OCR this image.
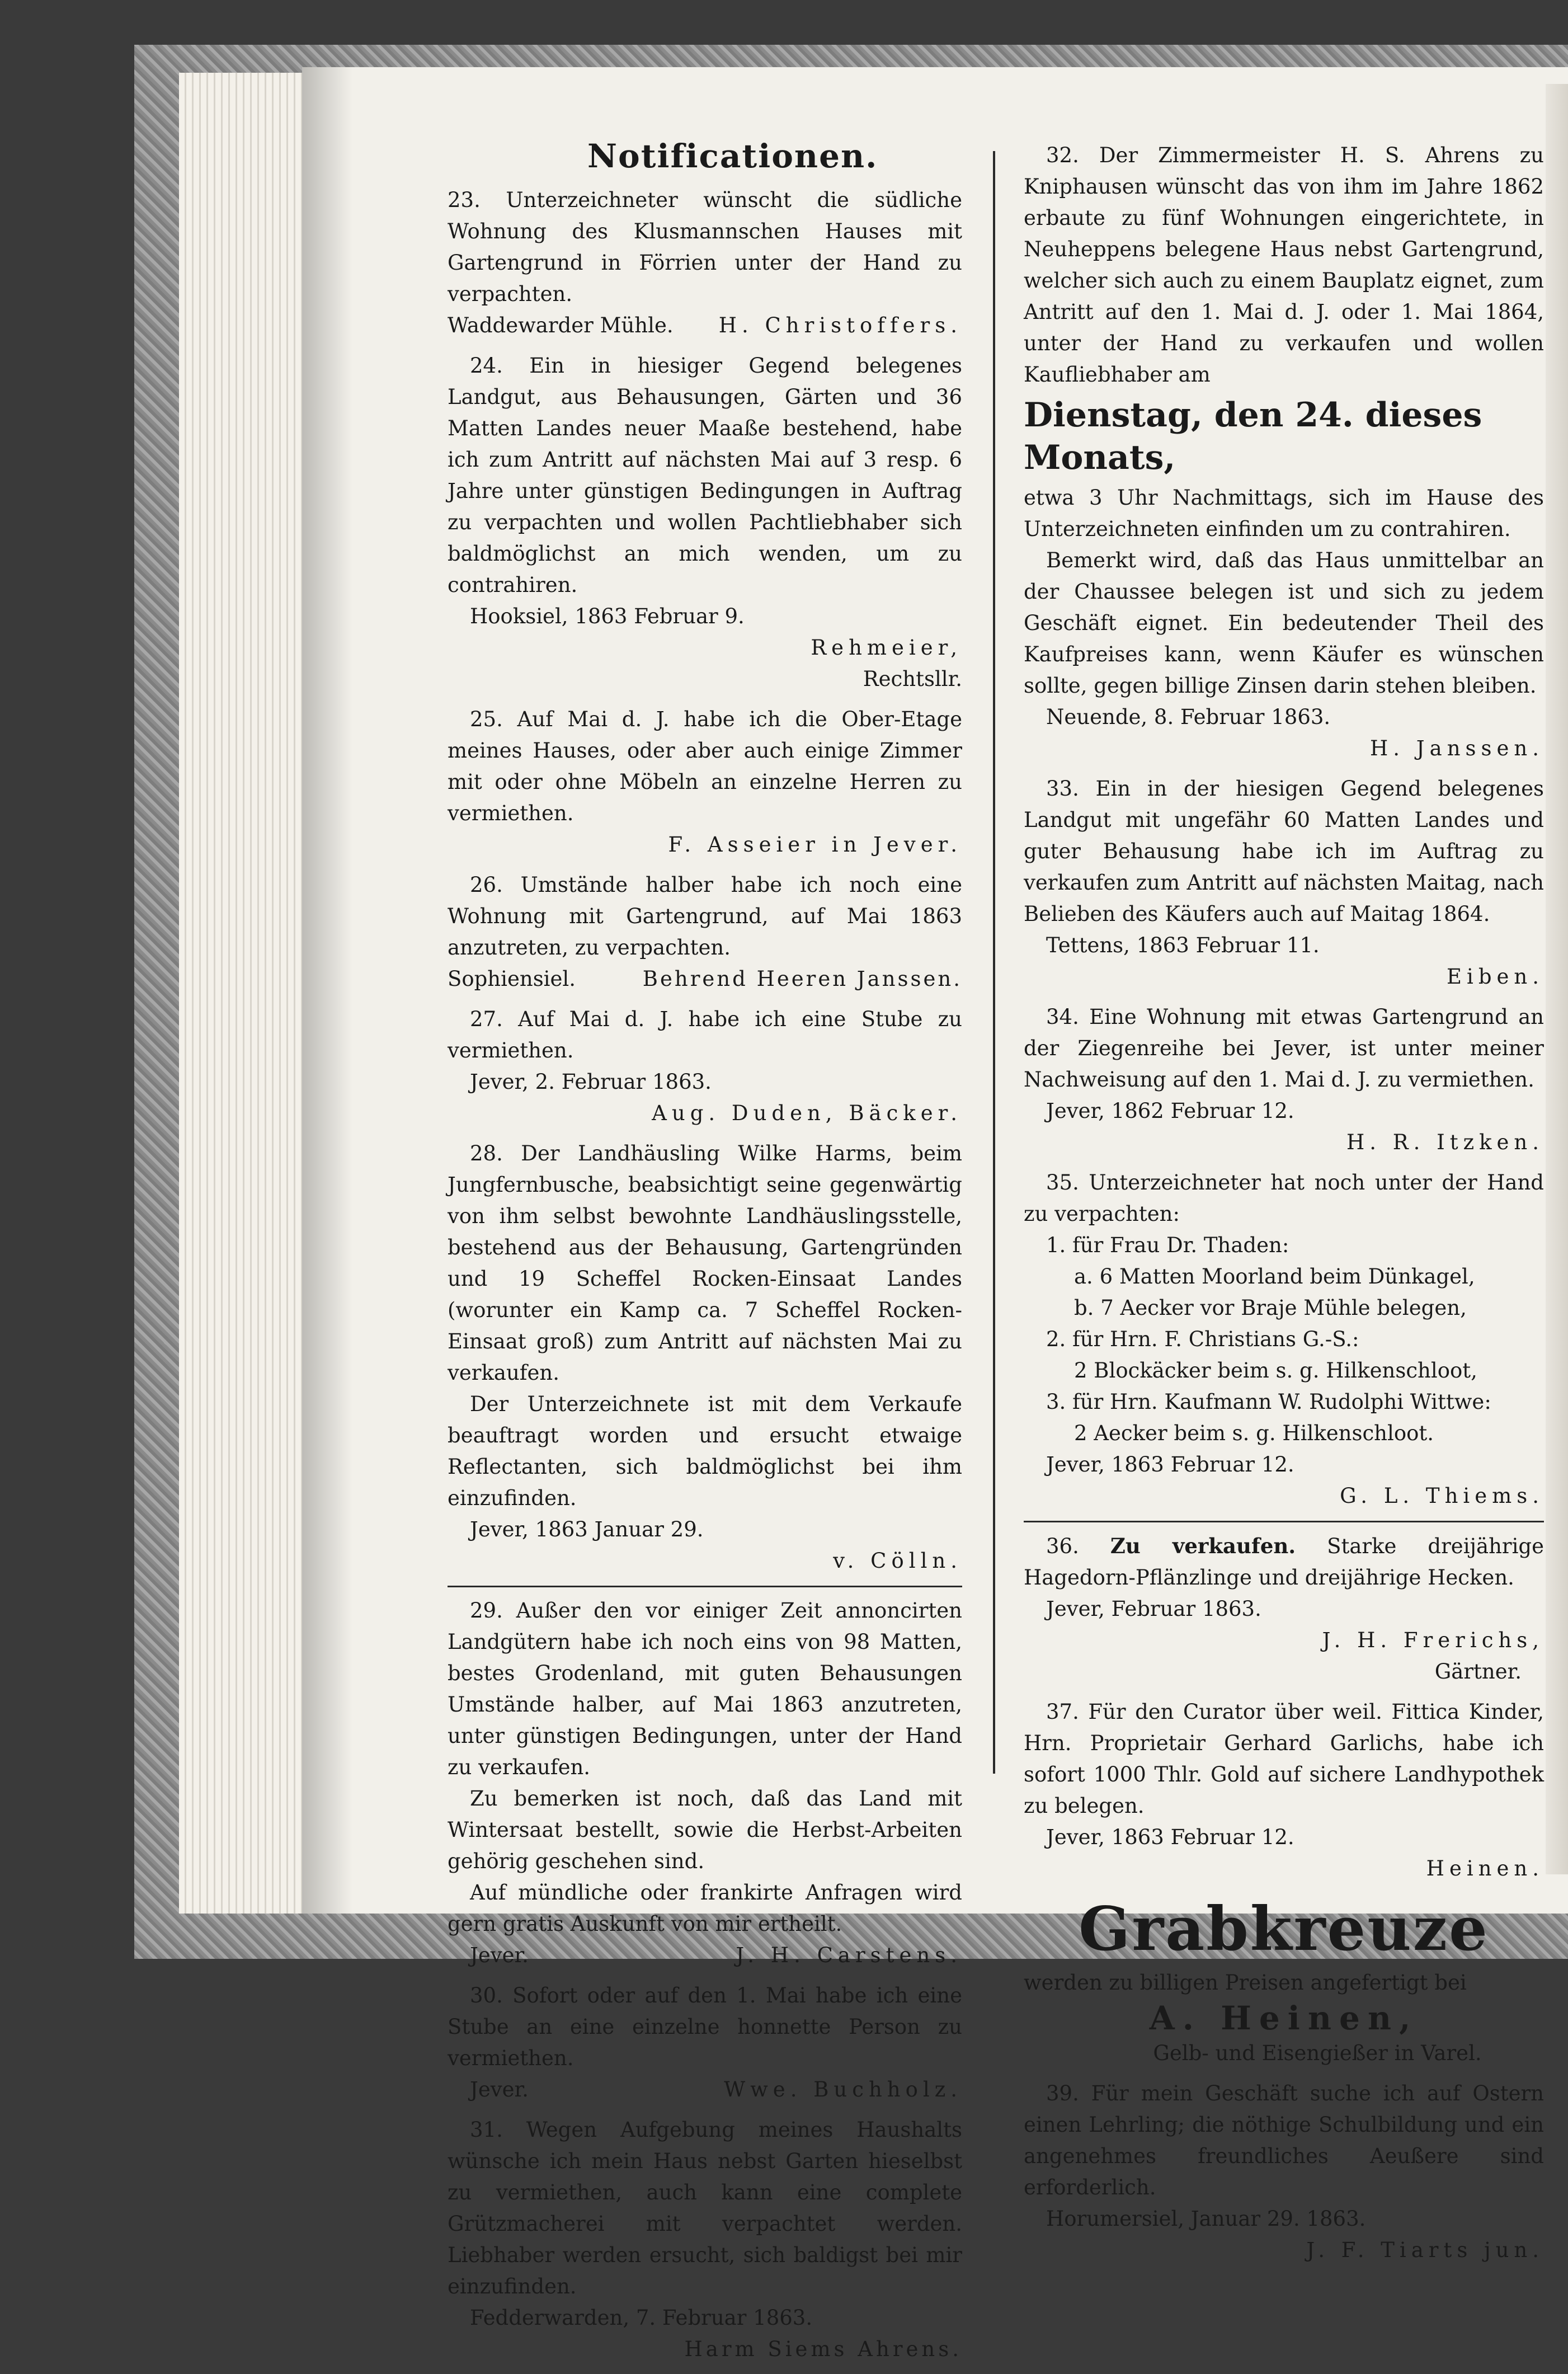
Notificationen.

23. Unterzeichneter wünscht die südliche Wohnung des Klusmannschen Hauses mit Gartengrund in Förrien unter der Hand zu verpachten.

Waddewarder Mühle. H. Christoffers.

24. Ein in hiesiger Gegend belegenes Landgut, aus Behausungen, Gärten und 36 Matten Landes neuer Maaße bestehend, habe ich zum Antritt auf nächsten Mai auf 3 resp. 6 Jahre unter günstigen Bedingungen in Auftrag zu verpachten und wollen Pachtliebhaber sich baldmöglichst an mich wenden, um zu contrahiren.

Hooksiel, 1863 Februar 9.

Rehmeier,

Rechtsllr.

25. Auf Mai d. J. habe ich die Ober-Etage meines Hauses, oder aber auch einige Zimmer mit oder ohne Möbeln an einzelne Herren zu vermiethen.

F. Asseier in Jever.

26. Umstände halber habe ich noch eine Wohnung mit Gartengrund, auf Mai 1863 anzutreten, zu verpachten.

Sophiensiel.	Behrend Heeren Janssen.

27. Auf Mai d. J. habe ich eine Stube zu vermiethen.

Jever, 2. Februar 1863.

Aug. Duden, Bäcker.

28. Der Landhäusling Wilke Harms, beim Jungfernbusche, beabsichtigt seine gegenwärtig von ihm selbst bewohnte Landhäuslingsstelle, bestehend aus der Behausung, Gartengründen und 19 Scheffel Rocken-Einsaat Landes (worunter ein Kamp ca. 7 Scheffel Rocken-Einsaat groß) zum Antritt auf nächsten Mai zu verkaufen.

Der Unterzeichnete ist mit dem Verkaufe beauftragt worden und ersucht etwaige Reflectanten, sich baldmöglichst bei ihm einzufinden.

Jever, 1863 Januar 29.

v. Cölln.

29. Außer den vor einiger Zeit annoncirten Landgütern habe ich noch eins von 98 Matten, bestes Grodenland, mit guten Behausungen Umstände halber, auf Mai 1863 anzutreten, unter günstigen Bedingungen, unter der Hand zu verkaufen.

Zu bemerken ist noch, daß das Land mit Wintersaat bestellt, sowie die Herbst-Arbeiten gehörig geschehen sind.

Auf mündliche oder frankirte Anfragen wird gern gratis Auskunft von mir ertheilt.

Jever.	J. H. Carstens.

30. Sofort oder auf den 1. Mai habe ich eine Stube an eine einzelne honnette Person zu vermiethen.

Jever.	Wwe. Buchholz.

31. Wegen Aufgebung meines Haushalts wünsche ich mein Haus nebst Garten hieselbst zu vermiethen, auch kann eine complete Grützmacherei mit verpachtet werden. Liebhaber werden ersucht, sich baldigst bei mir einzufinden.

Fedderwarden, 7. Februar 1863.

Harm Siems Ahrens.

32. Der Zimmermeister H. S. Ahrens zu Kniphausen wünscht das von ihm im Jahre 1862 erbaute zu fünf Wohnungen eingerichtete, in Neuheppens belegene Haus nebst Gartengrund, welcher sich auch zu einem Bauplatz eignet, zum Antritt auf den 1. Mai d. J. oder 1. Mai 1864, unter der Hand zu verkaufen und wollen Kaufliebhaber am

Dienstag, den 24. dieses Monats,

etwa 3 Uhr Nachmittags, sich im Hause des Unterzeichneten einfinden um zu contrahiren.

Bemerkt wird, daß das Haus unmittelbar an der Chaussee belegen ist und sich zu jedem Geschäft eignet. Ein bedeutender Theil des Kaufpreises kann, wenn Käufer es wünschen sollte, gegen billige Zinsen darin stehen bleiben.

Neuende, 8. Februar 1863.

H. Janssen.

33. Ein in der hiesigen Gegend belegenes Landgut mit ungefähr 60 Matten Landes und guter Behausung habe ich im Auftrag zu verkaufen zum Antritt auf nächsten Maitag, nach Belieben des Käufers auch auf Maitag 1864.

Tettens, 1863 Februar 11.

Eiben.

34. Eine Wohnung mit etwas Gartengrund an der Ziegenreihe bei Jever, ist unter meiner Nachweisung auf den 1. Mai d. J. zu vermiethen.

Jever, 1862 Februar 12.

H. R. Itzken.

35. Unterzeichneter hat noch unter der Hand zu verpachten:

1. für Frau Dr. Thaden:

a. 6 Matten Moorland beim Dünkagel,

b. 7 Aecker vor Braje Mühle belegen,

2. für Hrn. F. Christians G.-S.:

2 Blockäcker beim s. g. Hilkenschloot,

3. für Hrn. Kaufmann W. Rudolphi Wittwe:

2 Aecker beim s. g. Hilkenschloot.

Jever, 1863 Februar 12.

G. L. Thiems.

36. Zu verkaufen. Starke dreijährige Hagedorn-Pflänzlinge und dreijährige Hecken.

Jever, Februar 1863.

J. H. Frerichs,

Gärtner.

37. Für den Curator über weil. Fittica Kinder, Hrn. Proprietair Gerhard Garlichs, habe ich sofort 1000 Thlr. Gold auf sichere Landhypothek zu belegen.

Jever, 1863 Februar 12.

Heinen.

Grabkreuze

werden zu billigen Preisen angefertigt bei

A. Heinen,

Gelb- und Eisengießer in Varel.

39. Für mein Geschäft suche ich auf Ostern einen Lehrling; die nöthige Schulbildung und ein angenehmes freundliches Aeußere sind erforderlich.

Horumersiel, Januar 29. 1863.

J. F. Tiarts jun.
